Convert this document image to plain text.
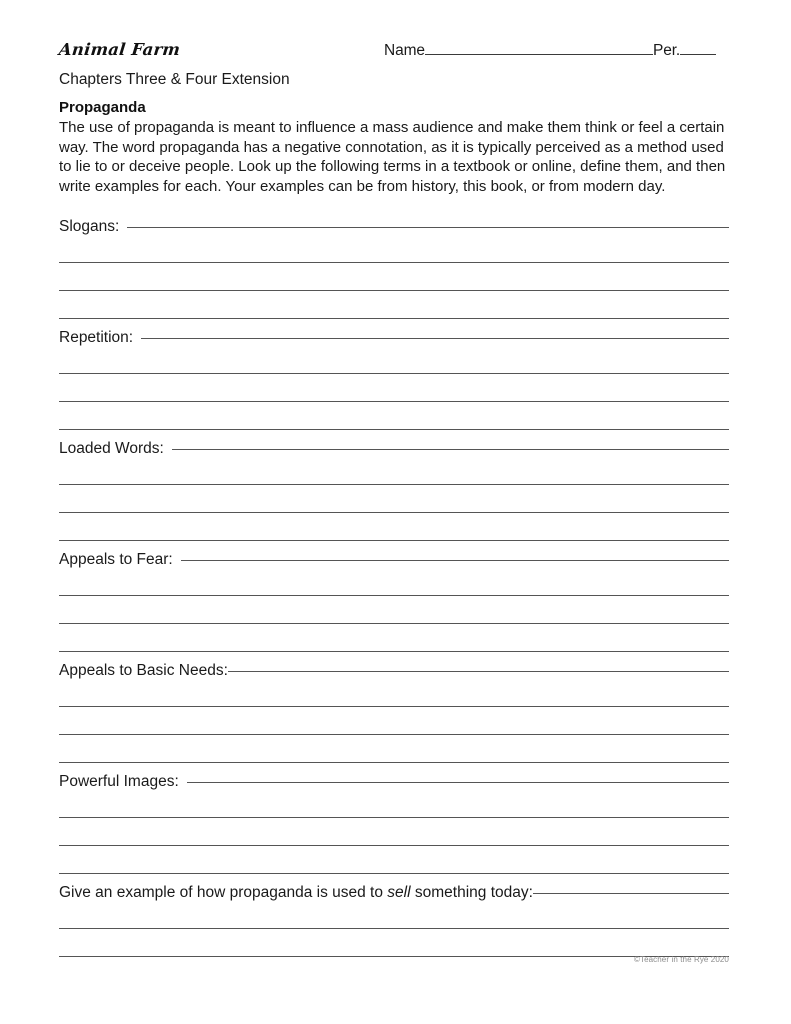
Animal Farm	Name	Per.
Chapters Three & Four Extension
Propaganda
The use of propaganda is meant to influence a mass audience and make them think or feel a certain way. The word propaganda has a negative connotation, as it is typically perceived as a method used to lie to or deceive people. Look up the following terms in a textbook or online, define them, and then write examples for each. Your examples can be from history, this book, or from modern day.
Slogans:
Repetition:
Loaded Words:
Appeals to Fear:
Appeals to Basic Needs:
Powerful Images:
Give an example of how propaganda is used to sell something today:
©Teacher in the Rye 2020
